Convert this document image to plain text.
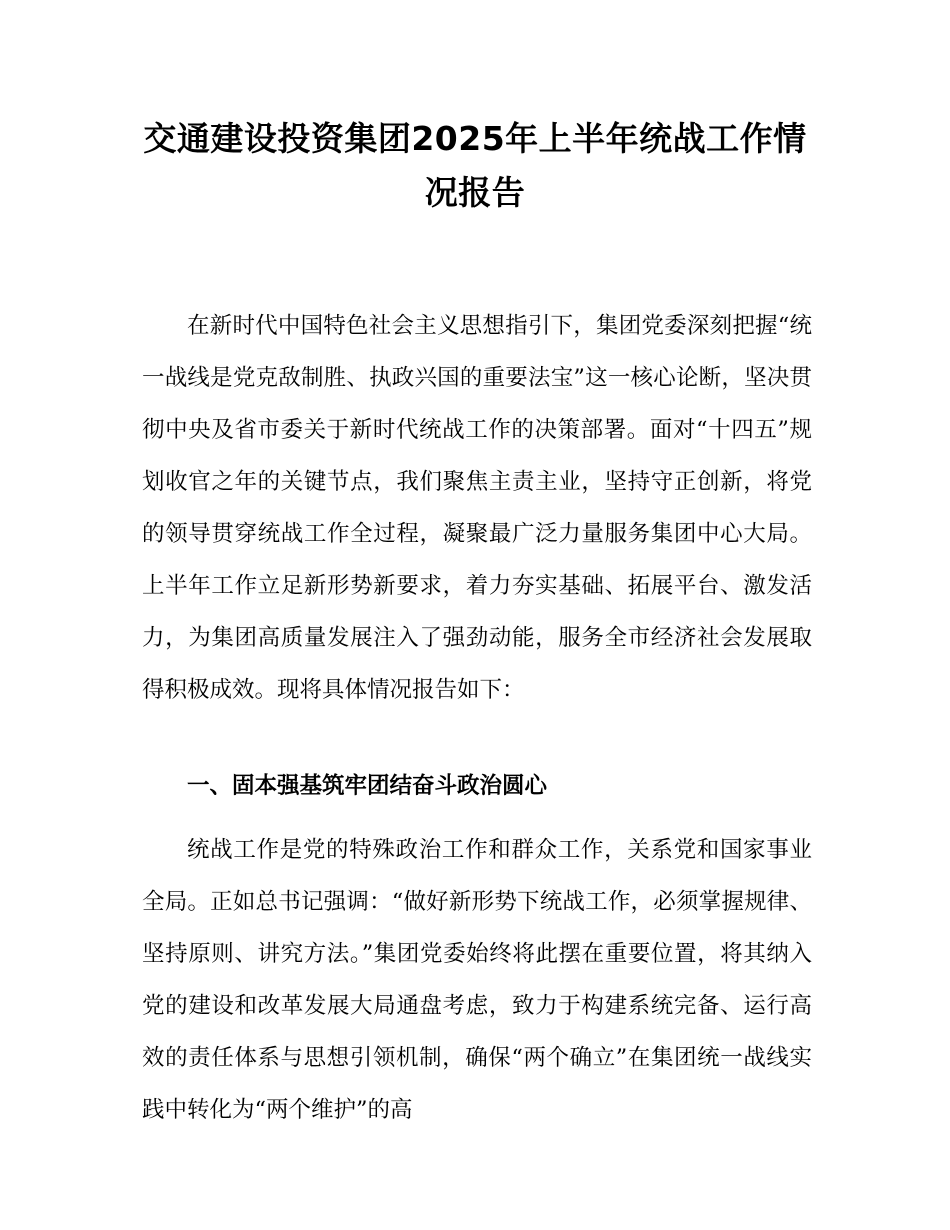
交通建设投资集团2025年上半年统战工作情
况报告

在新时代中国特色社会主义思想指引下，集团党委深刻把握“统一战线是党克敌制胜、执政兴国的重要法宝”这一核心论断，坚决贯彻中央及省市委关于新时代统战工作的决策部署。面对“十四五”规划收官之年的关键节点，我们聚焦主责主业，坚持守正创新，将党的领导贯穿统战工作全过程，凝聚最广泛力量服务集团中心大局。上半年工作立足新形势新要求，着力夯实基础、拓展平台、激发活力，为集团高质量发展注入了强劲动能，服务全市经济社会发展取得积极成效。现将具体情况报告如下：

一、固本强基筑牢团结奋斗政治圆心

统战工作是党的特殊政治工作和群众工作，关系党和国家事业全局。正如总书记强调：“做好新形势下统战工作，必须掌握规律、坚持原则、讲究方法。”集团党委始终将此摆在重要位置，将其纳入党的建设和改革发展大局通盘考虑，致力于构建系统完备、运行高效的责任体系与思想引领机制，确保“两个确立”在集团统一战线实践中转化为“两个维护”的高
